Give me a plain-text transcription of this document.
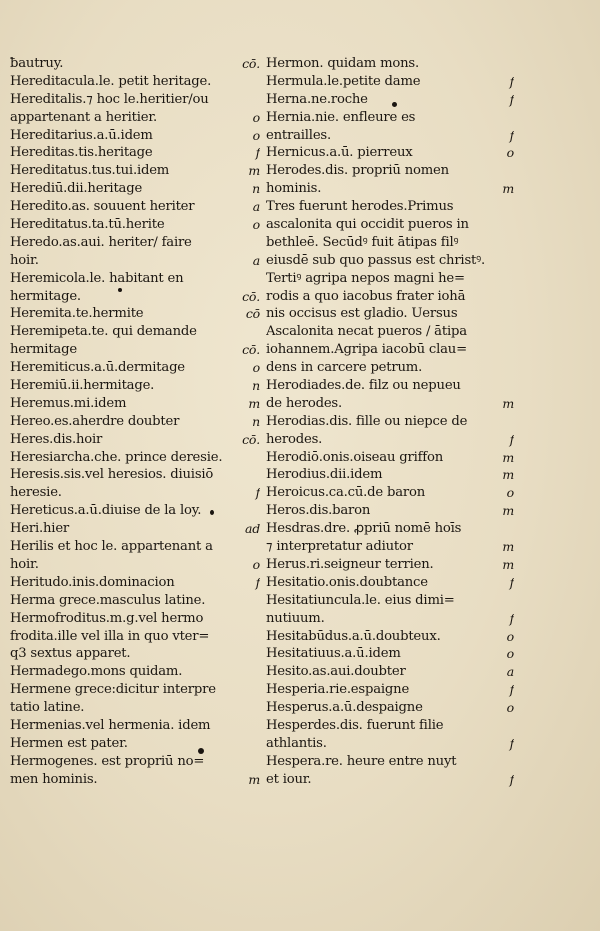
ƀautruy.	cō.
Hereditacula.le. petit heritage.
Hereditalis.⁊ hoc le.heritier/ou
appartenant a heritier.	o
Hereditarius.a.ū.idem	o
Hereditas.tis.heritage	f
Hereditatus.tus.tui.idem	m
Herediū.dii.heritage	n
Heredito.as. souuent heriter	a
Hereditatus.ta.tū.herite	o
Heredo.as.aui. heriter/ faire
hoir.	a
Heremicola.le. habitant en
hermitage.	cō.
Heremita.te.hermite	cō
Heremipeta.te. qui demande
hermitage	cō.
Heremiticus.a.ū.dermitage	o
Heremiū.ii.hermitage.	n
Heremus.mi.idem	m
Hereo.es.aherdre doubter	n
Heres.dis.hoir	cō.
Heresiarcha.che. prince deresie.
Heresis.sis.vel heresios. diuisiō
heresie.	f
Hereticus.a.ū.diuise de la loy.
Heri.hier	ad
Herilis et hoc le. appartenant a
hoir.	o
Heritudo.inis.dominacion	f
Herma grece.masculus latine.
Hermofroditus.m.g.vel hermo
frodita.ille vel illa in quo vter=
q3 sextus apparet.
Hermadego.mons quidam.
Hermene grece:dicitur interpre
tatio latine.
Hermenias.vel hermenia. idem
Hermen est pater.
Hermogenes. est propriū no=
men hominis.	m
Hermon. quidam mons.
Hermula.le.petite dame	f
Herna.ne.roche	f
Hernia.nie. enfleure es
entrailles.	f
Hernicus.a.ū. pierreux	o
Herodes.dis. propriū nomen
hominis.	m
Tres fuerunt herodes.Primus
ascalonita qui occidit pueros in
bethleē. Secūdꝰ fuit ātipas filꝰ
eiusdē sub quo passus est christꝰ.
Tertiꝰ agripa nepos magni he=
rodis a quo iacobus frater iohā
nis occisus est gladio. Uersus
Ascalonita necat pueros / ātipa
iohannem.Agripa iacobū clau=
dens in carcere petrum.
Herodiades.de. filz ou nepueu
de herodes.	m
Herodias.dis. fille ou niepce de
herodes.	f
Herodiō.onis.oiseau griffon	m
Herodius.dii.idem	m
Heroicus.ca.cū.de baron	o
Heros.dis.baron	m
Hesdras.dre. ꝓpriū nomē hoīs
⁊ interpretatur adiutor	m
Herus.ri.seigneur terrien.	m
Hesitatio.onis.doubtance	f
Hesitatiuncula.le. eius dimi=
nutiuum.	f
Hesitabūdus.a.ū.doubteux.	o
Hesitatiuus.a.ū.idem	o
Hesito.as.aui.doubter	a
Hesperia.rie.espaigne	f
Hesperus.a.ū.despaigne	o
Hesperdes.dis. fuerunt filie
athlantis.	f
Hespera.re. heure entre nuyt
et iour.	f
